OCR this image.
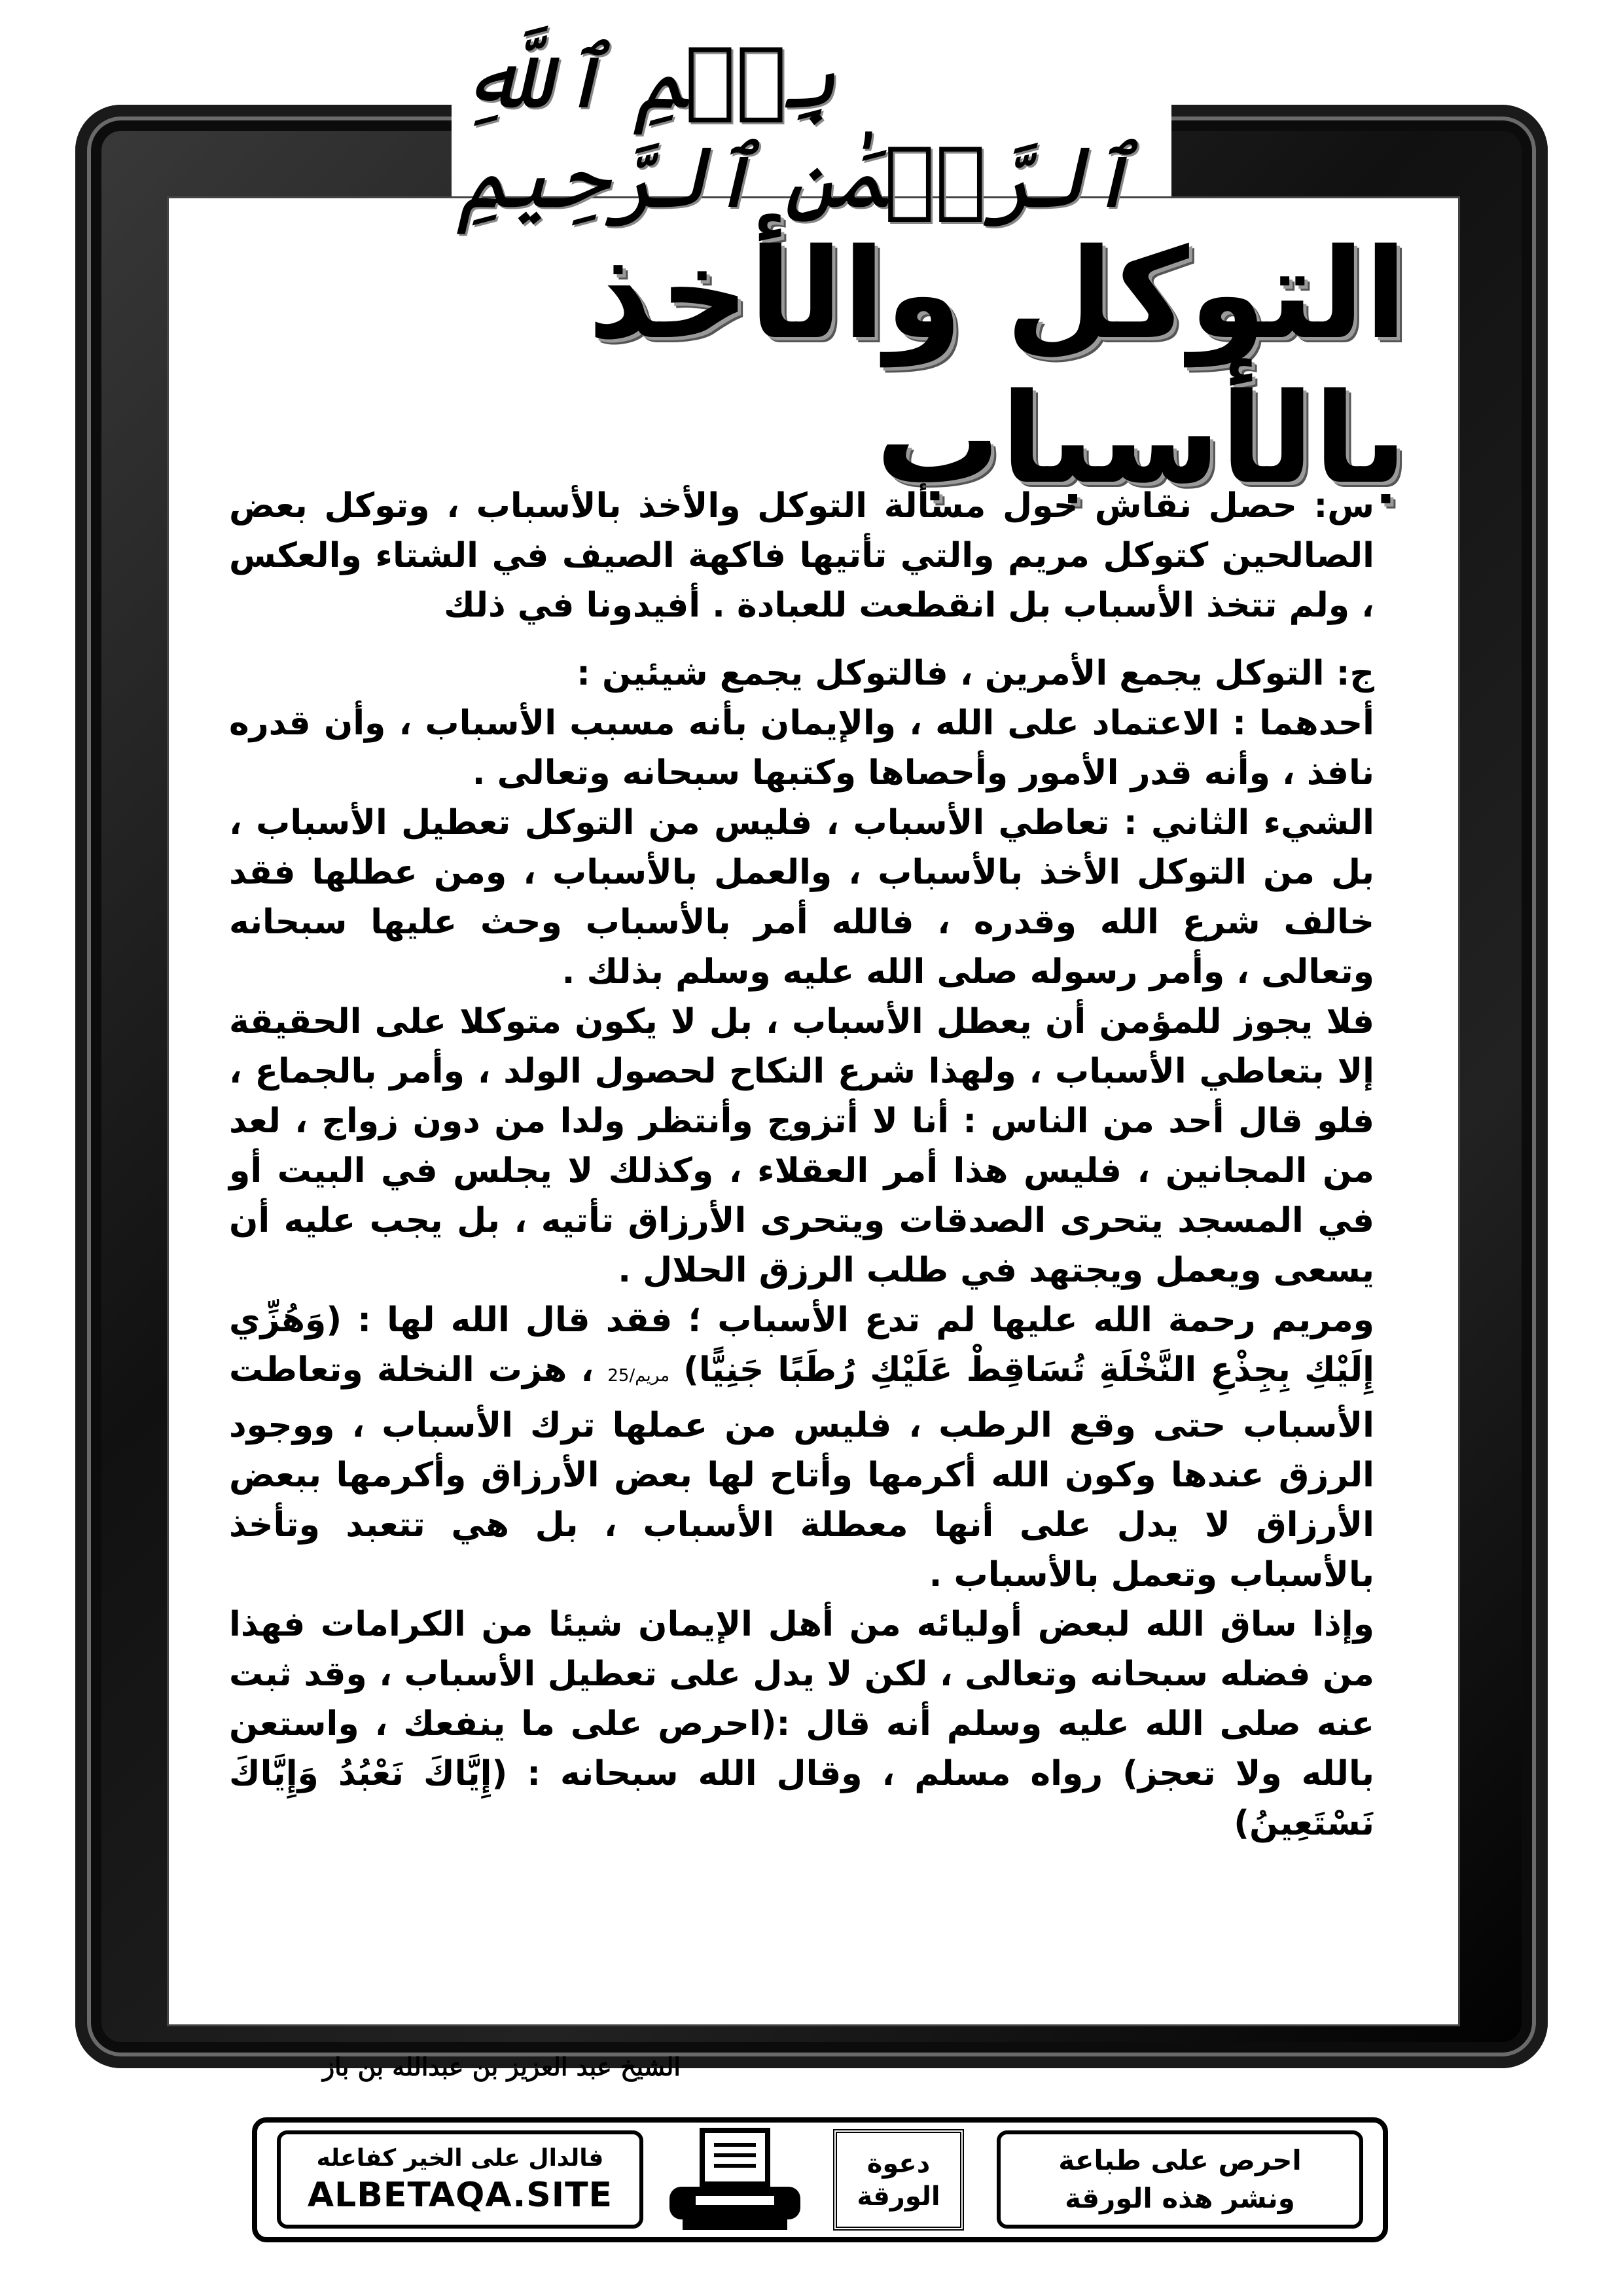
بِسۡمِ ٱللَّهِ ٱلرَّحۡمَٰنِ ٱلرَّحِيمِ
التوكل والأخذ بالأسباب

س: حصل نقاش حول مسألة التوكل والأخذ بالأسباب ، وتوكل بعض الصالحين كتوكل مريم والتي تأتيها فاكهة الصيف في الشتاء والعكس ، ولم تتخذ الأسباب بل انقطعت للعبادة . أفيدونا في ذلك

ج: التوكل يجمع الأمرين ، فالتوكل يجمع شيئين :

أحدهما : الاعتماد على الله ، والإيمان بأنه مسبب الأسباب ، وأن قدره نافذ ، وأنه قدر الأمور وأحصاها وكتبها سبحانه وتعالى .

الشيء الثاني : تعاطي الأسباب ، فليس من التوكل تعطيل الأسباب ، بل من التوكل الأخذ بالأسباب ، والعمل بالأسباب ، ومن عطلها فقد خالف شرع الله وقدره ، فالله أمر بالأسباب وحث عليها سبحانه وتعالى ، وأمر رسوله صلى الله عليه وسلم بذلك .

فلا يجوز للمؤمن أن يعطل الأسباب ، بل لا يكون متوكلا على الحقيقة إلا بتعاطي الأسباب ، ولهذا شرع النكاح لحصول الولد ، وأمر بالجماع ، فلو قال أحد من الناس : أنا لا أتزوج وأنتظر ولدا من دون زواج ، لعد من المجانين ، فليس هذا أمر العقلاء ، وكذلك لا يجلس في البيت أو في المسجد يتحرى الصدقات ويتحرى الأرزاق تأتيه ، بل يجب عليه أن يسعى ويعمل ويجتهد في طلب الرزق الحلال .

ومريم رحمة الله عليها لم تدع الأسباب ؛ فقد قال الله لها : (وَهُزِّي إِلَيْكِ بِجِذْعِ النَّخْلَةِ تُسَاقِطْ عَلَيْكِ رُطَبًا جَنِيًّا) مريم/25 ، هزت النخلة وتعاطت الأسباب حتى وقع الرطب ، فليس من عملها ترك الأسباب ، ووجود الرزق عندها وكون الله أكرمها وأتاح لها بعض الأرزاق وأكرمها ببعض الأرزاق لا يدل على أنها معطلة الأسباب ، بل هي تتعبد وتأخذ بالأسباب وتعمل بالأسباب .

وإذا ساق الله لبعض أوليائه من أهل الإيمان شيئا من الكرامات فهذا من فضله سبحانه وتعالى ، لكن لا يدل على تعطيل الأسباب ، وقد ثبت عنه صلى الله عليه وسلم أنه قال :(احرص على ما ينفعك ، واستعن بالله ولا تعجز) رواه مسلم ، وقال الله سبحانه : (إِيَّاكَ نَعْبُدُ وَإِيَّاكَ نَسْتَعِينُ)

الشيخ عبد العزيز بن عبدالله بن باز
فالدال على الخير كفاعله
ALBETAQA.SITE
دعوة
الورقة
احرص على طباعة
ونشر هذه الورقة
